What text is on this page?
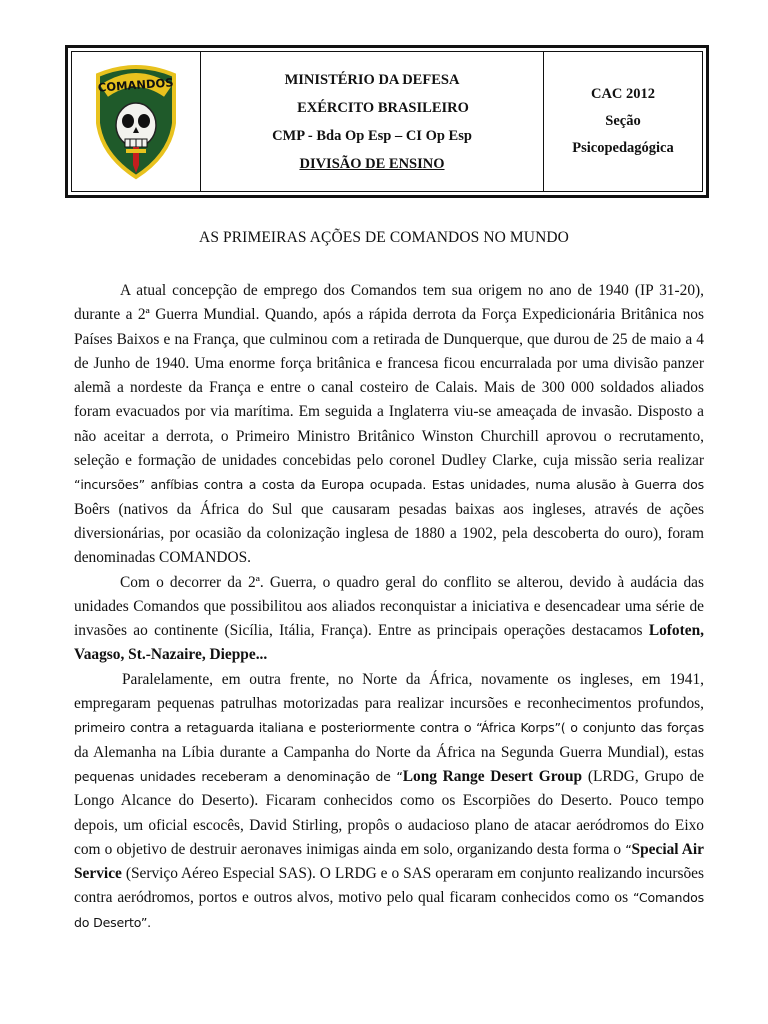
COMANDOS	MINISTÉRIO DA DEFESA
EXÉRCITO BRASILEIRO
CMP - Bda Op Esp – CI Op Esp
DIVISÃO DE ENSINO
CAC 2012
Seção
Psicopedagógica
AS PRIMEIRAS AÇÕES DE COMANDOS NO MUNDO

A atual concepção de emprego dos Comandos tem sua origem no ano de 1940 (IP 31-20), durante a 2ª Guerra Mundial. Quando, após a rápida derrota da Força Expedicionária Britânica nos Países Baixos e na França, que culminou com a retirada de Dunquerque, que durou de 25 de maio a 4 de Junho de 1940. Uma enorme força britânica e francesa ficou encurralada por uma divisão panzer alemã a nordeste da França e entre o canal costeiro de Calais. Mais de 300 000 soldados aliados foram evacuados por via marítima. Em seguida a Inglaterra viu-se ameaçada de invasão. Disposto a não aceitar a derrota, o Primeiro Ministro Britânico Winston Churchill aprovou o recrutamento, seleção e formação de unidades concebidas pelo coronel Dudley Clarke, cuja missão seria realizar “incursões” anfíbias contra a costa da Europa ocupada. Estas unidades, numa alusão à Guerra dos Boêrs (nativos da África do Sul que causaram pesadas baixas aos ingleses, através de ações diversionárias, por ocasião da colonização inglesa de 1880 a 1902, pela descoberta do ouro), foram denominadas COMANDOS.

Com o decorrer da 2ª. Guerra, o quadro geral do conflito se alterou, devido à audácia das unidades Comandos que possibilitou aos aliados reconquistar a iniciativa e desencadear uma série de invasões ao continente (Sicília, Itália, França). Entre as principais operações destacamos Lofoten, Vaagso, St.-Nazaire, Dieppe...

Paralelamente, em outra frente, no Norte da África, novamente os ingleses, em 1941, empregaram pequenas patrulhas motorizadas para realizar incursões e reconhecimentos profundos, primeiro contra a retaguarda italiana e posteriormente contra o “África Korps”( o conjunto das forças da Alemanha na Líbia durante a Campanha do Norte da África na Segunda Guerra Mundial), estas pequenas unidades receberam a denominação de “Long Range Desert Group (LRDG, Grupo de Longo Alcance do Deserto). Ficaram conhecidos como os Escorpiões do Deserto. Pouco tempo depois, um oficial escocês, David Stirling, propôs o audacioso plano de atacar aeródromos do Eixo com o objetivo de destruir aeronaves inimigas ainda em solo, organizando desta forma o “Special Air Service (Serviço Aéreo Especial SAS). O LRDG e o SAS operaram em conjunto realizando incursões contra aeródromos, portos e outros alvos, motivo pelo qual ficaram conhecidos como os “Comandos do Deserto”.
